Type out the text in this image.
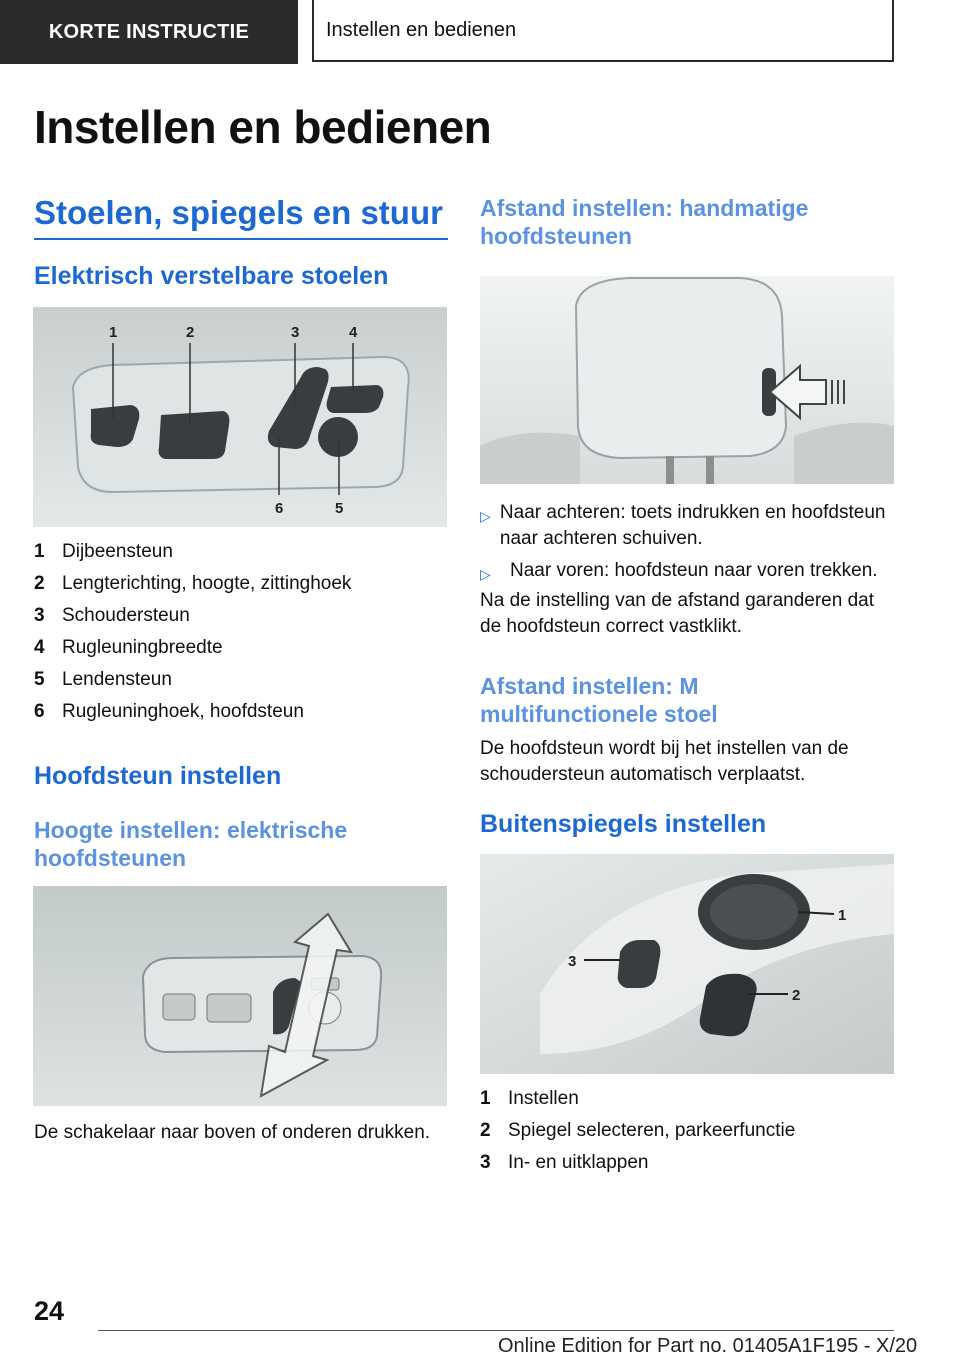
KORTE INSTRUCTIE	Instellen en bedienen
Instellen en bedienen
Stoelen, spiegels en stuur
Elektrisch verstelbare stoelen
1	2	3	4
6	5
1 Dijbeensteun
2 Lengterichting, hoogte, zittinghoek
3 Schoudersteun
4 Rugleuningbreedte
5 Lendensteun
6 Rugleuninghoek, hoofdsteun
Hoofdsteun instellen
Hoogte instellen: elektrische hoofdsteunen

De schakelaar naar boven of onderen drukken.

Afstand instellen: handmatige hoofdsteunen
▷ Naar achteren: toets indrukken en hoofdsteun naar achteren schuiven.
▷	Naar voren: hoofdsteun naar voren trekken.

Na de instelling van de afstand garanderen dat de hoofdsteun correct vastklikt.

Afstand instellen: M multifunctionele stoel

De hoofdsteun wordt bij het instellen van de schoudersteun automatisch verplaatst.

Buitenspiegels instellen
1
2
3
1 Instellen
2 Spiegel selecteren, parkeerfunctie
3 In- en uitklappen
24
Online Edition for Part no. 01405A1F195 - X/20
